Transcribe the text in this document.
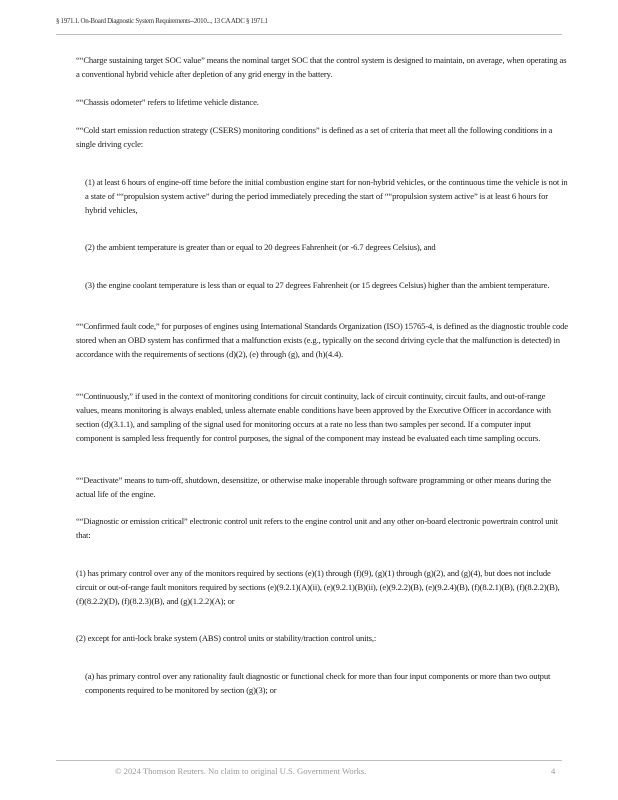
§ 1971.1. On-Board Diagnostic System Requirements--2010..., 13 CA ADC § 1971.1

““Charge sustaining target SOC value” means the nominal target SOC that the control system is designed to maintain, on average, when operating as a conventional hybrid vehicle after depletion of any grid energy in the battery.

““Chassis odometer” refers to lifetime vehicle distance.

““Cold start emission reduction strategy (CSERS) monitoring conditions” is defined as a set of criteria that meet all the following conditions in a single driving cycle:

(1) at least 6 hours of engine-off time before the initial combustion engine start for non-hybrid vehicles, or the continuous time the vehicle is not in a state of ““propulsion system active” during the period immediately preceding the start of ““propulsion system active” is at least 6 hours for hybrid vehicles,

(2) the ambient temperature is greater than or equal to 20 degrees Fahrenheit (or -6.7 degrees Celsius), and

(3) the engine coolant temperature is less than or equal to 27 degrees Fahrenheit (or 15 degrees Celsius) higher than the ambient temperature.

““Confirmed fault code,” for purposes of engines using International Standards Organization (ISO) 15765-4, is defined as the diagnostic trouble code stored when an OBD system has confirmed that a malfunction exists (e.g., typically on the second driving cycle that the malfunction is detected) in accordance with the requirements of sections (d)(2), (e) through (g), and (h)(4.4).

““Continuously,” if used in the context of monitoring conditions for circuit continuity, lack of circuit continuity, circuit faults, and out-of-range values, means monitoring is always enabled, unless alternate enable conditions have been approved by the Executive Officer in accordance with section (d)(3.1.1), and sampling of the signal used for monitoring occurs at a rate no less than two samples per second. If a computer input component is sampled less frequently for control purposes, the signal of the component may instead be evaluated each time sampling occurs.

““Deactivate” means to turn-off, shutdown, desensitize, or otherwise make inoperable through software programming or other means during the actual life of the engine.

““Diagnostic or emission critical” electronic control unit refers to the engine control unit and any other on-board electronic powertrain control unit that:

(1) has primary control over any of the monitors required by sections (e)(1) through (f)(9), (g)(1) through (g)(2), and (g)(4), but does not include circuit or out-of-range fault monitors required by sections (e)(9.2.1)(A)(ii), (e)(9.2.1)(B)(ii), (e)(9.2.2)(B), (e)(9.2.4)(B), (f)(8.2.1)(B), (f)(8.2.2)(B), (f)(8.2.2)(D), (f)(8.2.3)(B), and (g)(1.2.2)(A); or

(2) except for anti-lock brake system (ABS) control units or stability/traction control units,:

(a) has primary control over any rationality fault diagnostic or functional check for more than four input components or more than two output components required to be monitored by section (g)(3); or

© 2024 Thomson Reuters. No claim to original U.S. Government Works.	4
